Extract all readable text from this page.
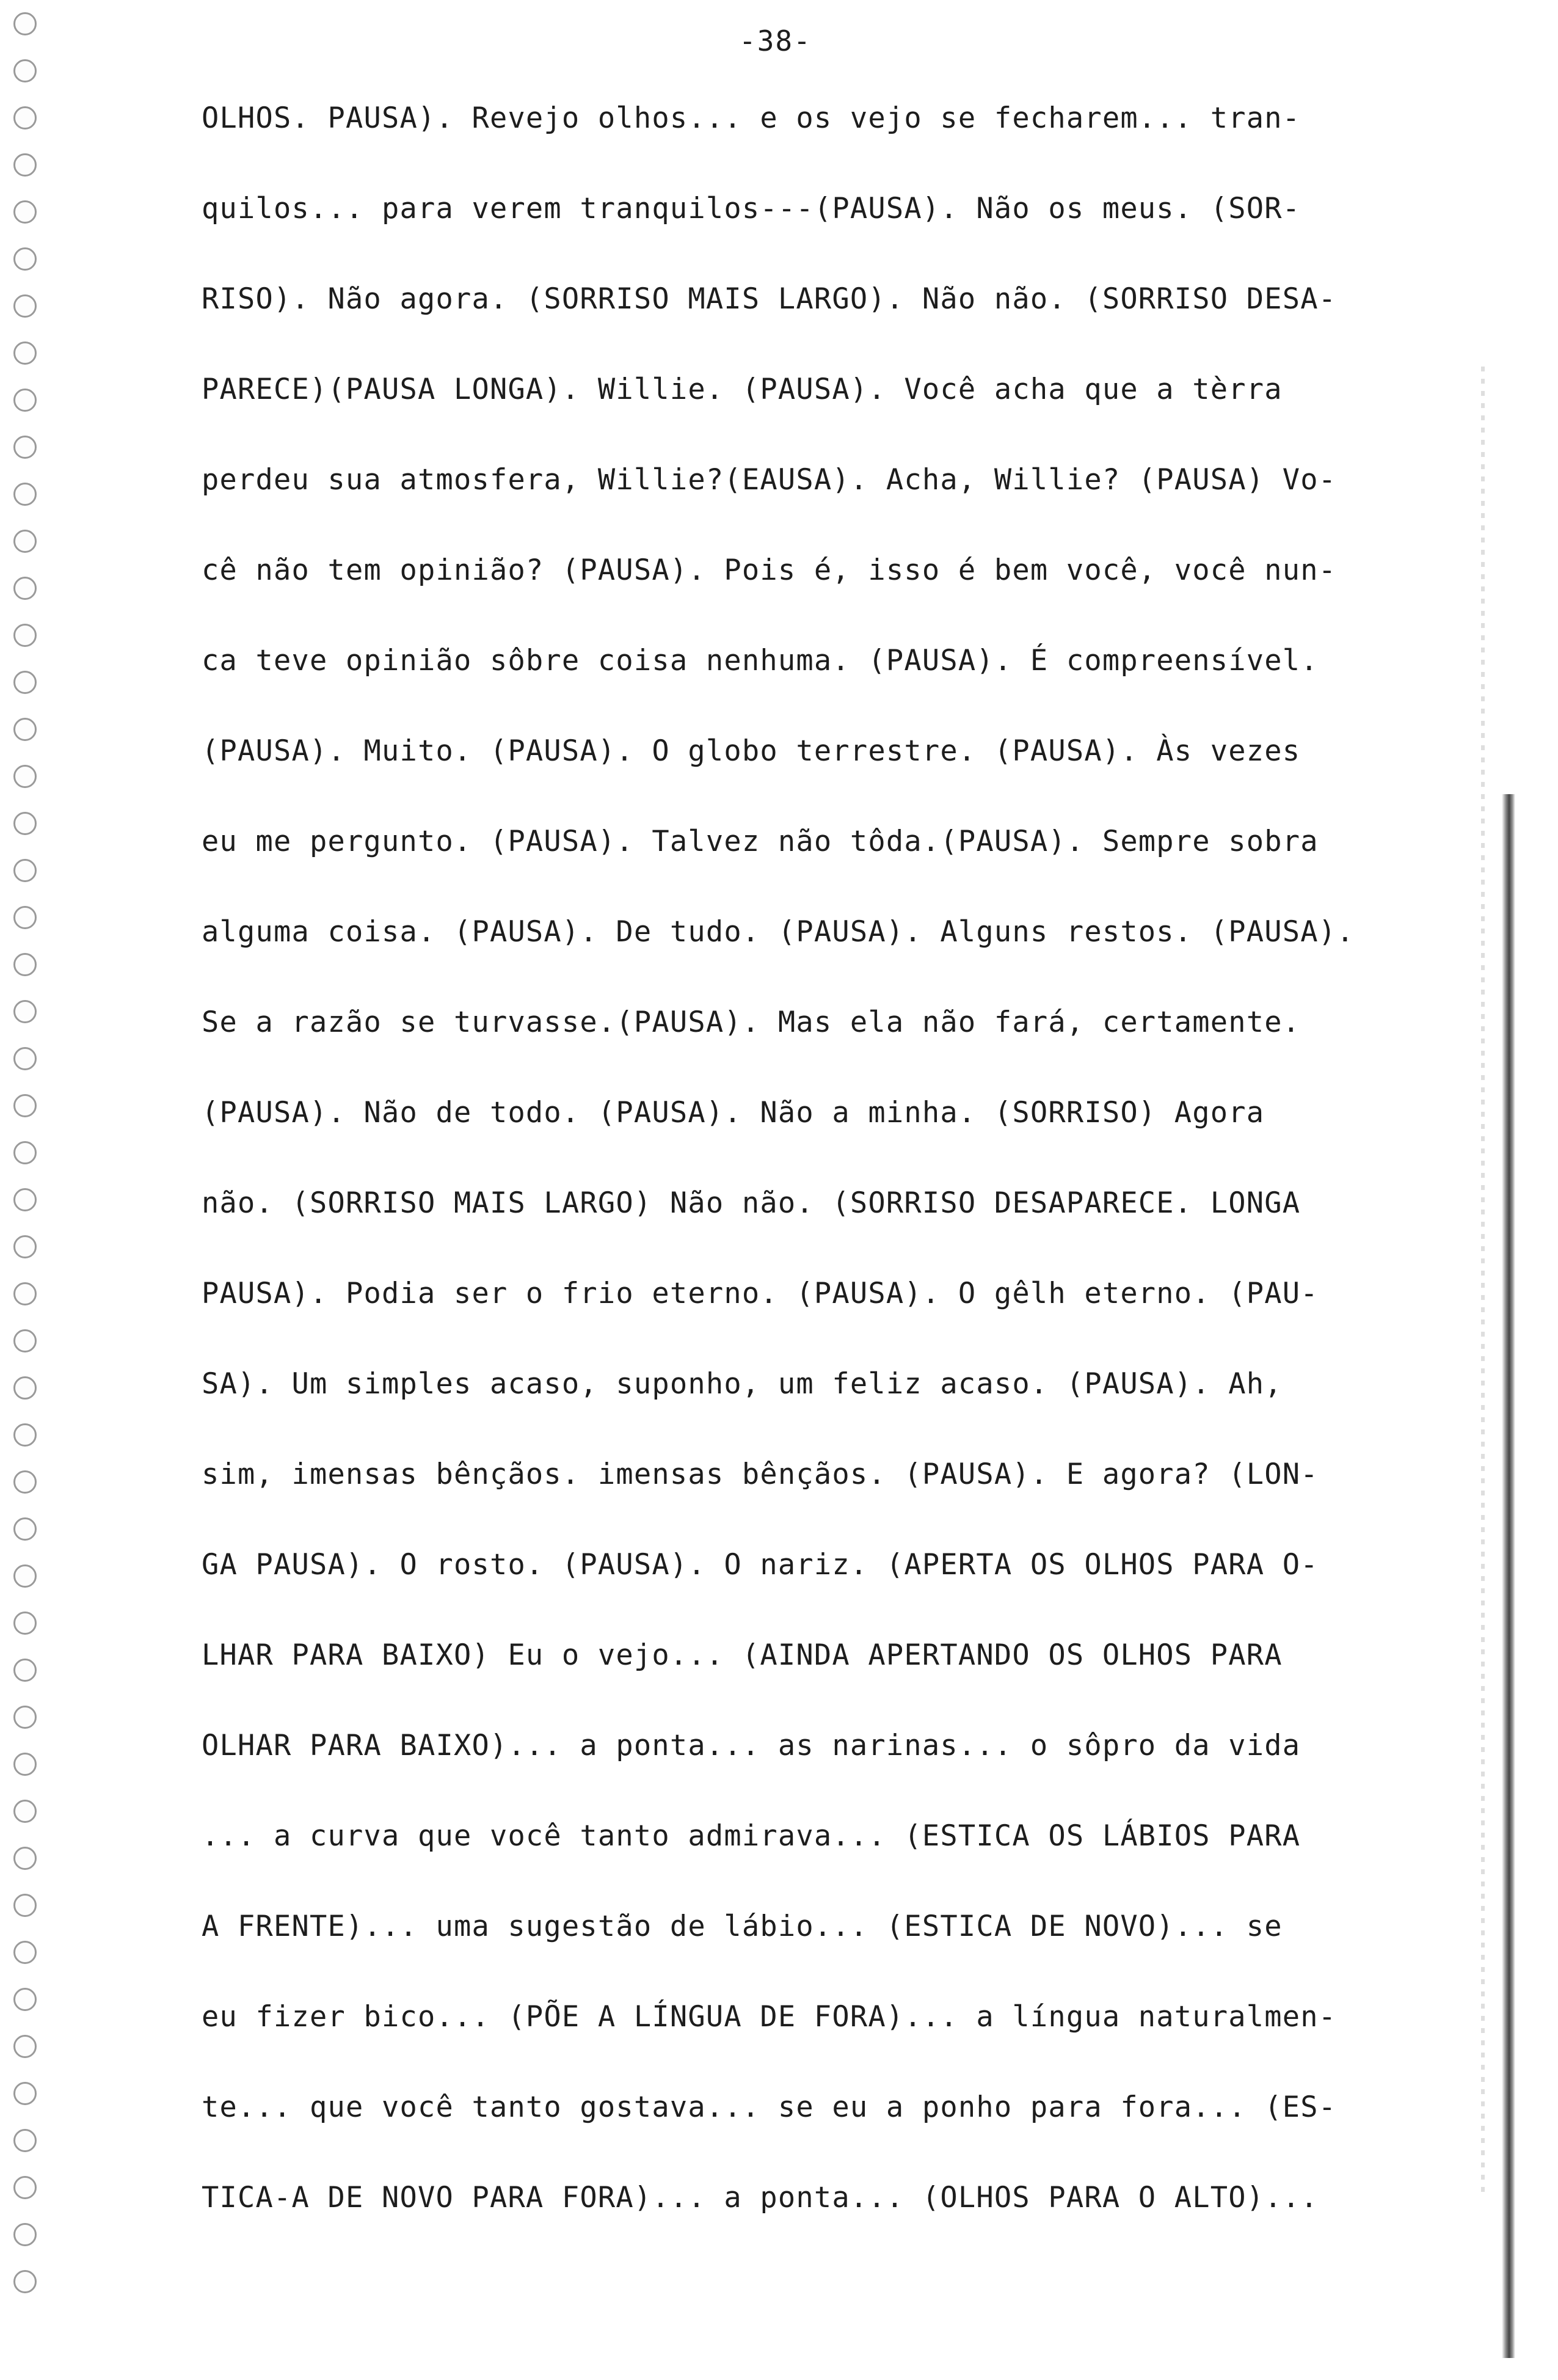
-38-
OLHOS. PAUSA). Revejo olhos... e os vejo se fecharem... tran-
quilos... para verem tranquilos---(PAUSA). Não os meus. (SOR-
RISO). Não agora. (SORRISO MAIS LARGO). Não não. (SORRISO DESA-
PARECE)(PAUSA LONGA). Willie. (PAUSA). Você acha que a tèrra
perdeu sua atmosfera, Willie?(EAUSA). Acha, Willie? (PAUSA) Vo-
cê não tem opinião? (PAUSA). Pois é, isso é bem você, você nun-
ca teve opinião sôbre coisa nenhuma. (PAUSA). É compreensível.
(PAUSA). Muito. (PAUSA). O globo terrestre. (PAUSA). Às vezes
eu me pergunto. (PAUSA). Talvez não tôda.(PAUSA). Sempre sobra
alguma coisa. (PAUSA). De tudo. (PAUSA). Alguns restos. (PAUSA).
Se a razão se turvasse.(PAUSA). Mas ela não fará, certamente.
(PAUSA). Não de todo. (PAUSA). Não a minha. (SORRISO) Agora
não. (SORRISO MAIS LARGO) Não não. (SORRISO DESAPARECE. LONGA
PAUSA). Podia ser o frio eterno. (PAUSA). O gêlh eterno. (PAU-
SA). Um simples acaso, suponho, um feliz acaso. (PAUSA). Ah,
sim, imensas bênçãos. imensas bênçãos. (PAUSA). E agora? (LON-
GA PAUSA). O rosto. (PAUSA). O nariz. (APERTA OS OLHOS PARA O-
LHAR PARA BAIXO) Eu o vejo... (AINDA APERTANDO OS OLHOS PARA
OLHAR PARA BAIXO)... a ponta... as narinas... o sôpro da vida
... a curva que você tanto admirava... (ESTICA OS LÁBIOS PARA
A FRENTE)... uma sugestão de lábio... (ESTICA DE NOVO)... se
eu fizer bico... (PÕE A LÍNGUA DE FORA)... a língua naturalmen-
te... que você tanto gostava... se eu a ponho para fora... (ES-
TICA-A DE NOVO PARA FORA)... a ponta... (OLHOS PARA O ALTO)...
